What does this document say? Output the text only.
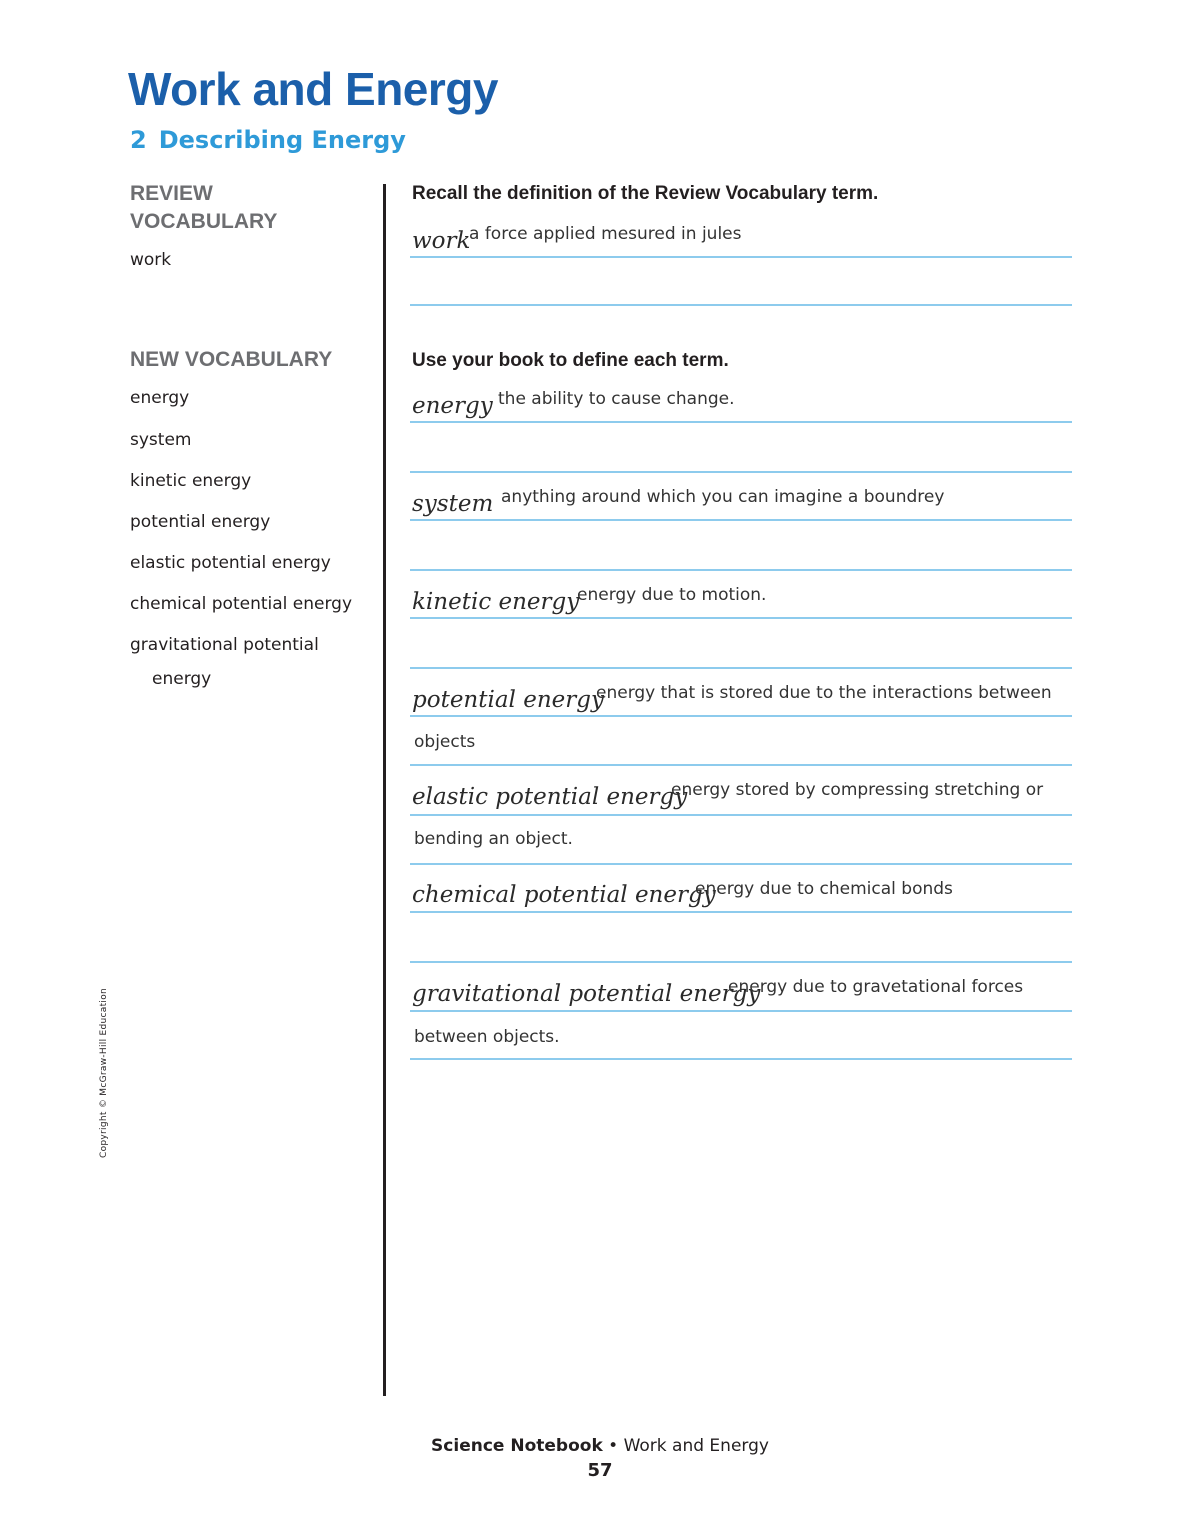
Work and Energy
2 Describing Energy
REVIEW VOCABULARY
work
NEW VOCABULARY
energy
system
kinetic energy
potential energy
elastic potential energy
chemical potential energy
gravitational potential
energy

Recall the definition of the Review Vocabulary term.

work
a force applied mesured in jules

Use your book to define each term.

energy the ability to cause change.
system anything around which you can imagine a boundrey
kinetic energy
energy due to motion.
potential energy
energy that is stored due to the interactions between
objects
elastic potential energy
energy stored by compressing stretching or
bending an object.
chemical potential energy
energy due to chemical bonds
gravitational potential energy
energy due to gravetational forces
between objects.
Copyright © McGraw-Hill Education
Science Notebook • Work and Energy
57
